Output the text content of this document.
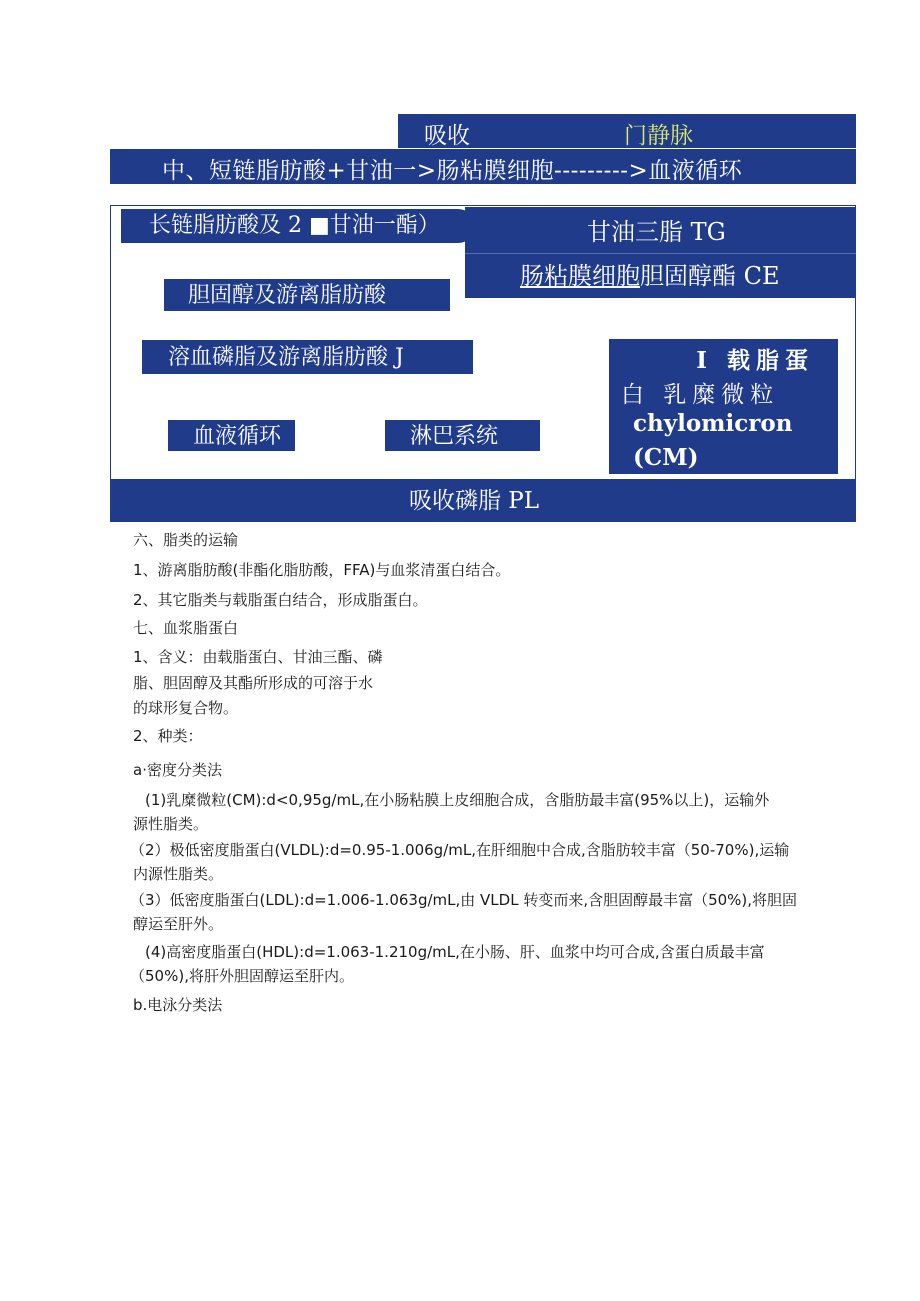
吸收	门静脉
中、短链脂肪酸+甘油一>肠粘膜细胞--------->血液循环
长链脂肪酸及 2 ■甘油一酯）	甘油三脂 TG
肠粘膜细胞胆固醇酯 CE
胆固醇及游离脂肪酸
溶血磷脂及游离脂肪酸 J	I 载脂蛋
白 乳糜微粒
chylomicron
(CM)
血液循环	淋巴系统
吸收磷脂 PL
六、脂类的运输
1、游离脂肪酸(非酯化脂肪酸，FFA)与血浆清蛋白结合。
2、其它脂类与载脂蛋白结合，形成脂蛋白。
七、血浆脂蛋白
1、含义：由载脂蛋白、甘油三酯、磷
脂、胆固醇及其酯所形成的可溶于水
的球形复合物。
2、种类：
a·密度分类法
(1)乳糜微粒(CM):d<0,95g/mL,在小肠粘膜上皮细胞合成，含脂肪最丰富(95%以上)，运输外
源性脂类。
（2）极低密度脂蛋白(VLDL):d=0.95-1.006g/mL,在肝细胞中合成,含脂肪较丰富（50-70%),运输
内源性脂类。
（3）低密度脂蛋白(LDL):d=1.006-1.063g/mL,由 VLDL 转变而来,含胆固醇最丰富（50%),将胆固
醇运至肝外。
(4)高密度脂蛋白(HDL):d=1.063-1.210g/mL,在小肠、肝、血浆中均可合成,含蛋白质最丰富
（50%),将肝外胆固醇运至肝内。
b.电泳分类法
